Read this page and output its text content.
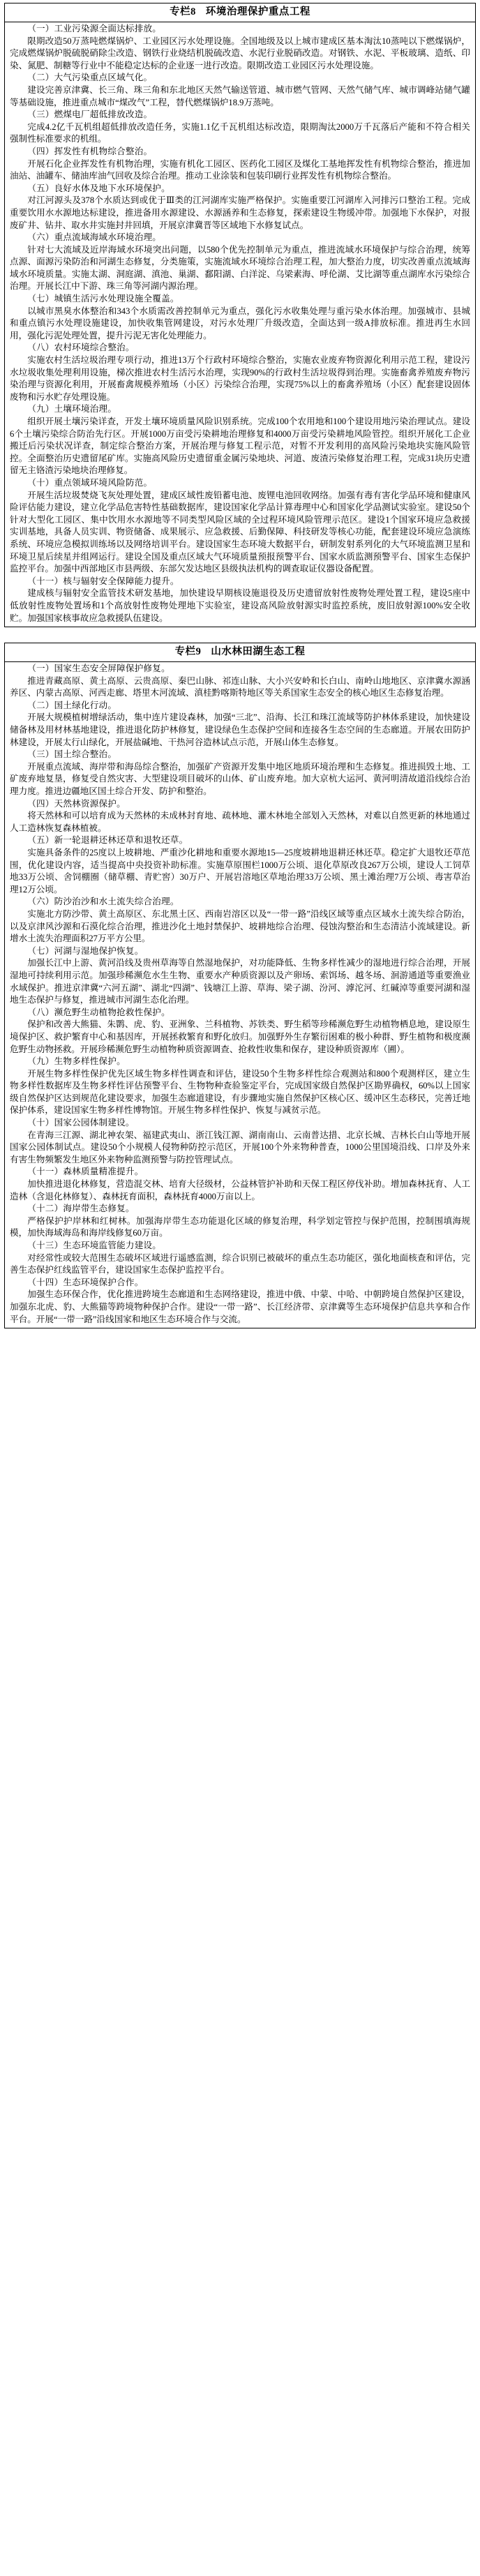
专栏8 环境治理保护重点工程

（一）工业污染源全面达标排放。

限期改造50万蒸吨燃煤锅炉、工业园区污水处理设施。全国地级及以上城市建成区基本淘汰10蒸吨以下燃煤锅炉，完成燃煤锅炉脱硫脱硝除尘改造、钢铁行业烧结机脱硫改造、水泥行业脱硝改造。对钢铁、水泥、平板玻璃、造纸、印染、氮肥、制糖等行业中不能稳定达标的企业逐一进行改造。限期改造工业园区污水处理设施。

（二）大气污染重点区域气化。

建设完善京津冀、长三角、珠三角和东北地区天然气输送管道、城市燃气管网、天然气储气库、城市调峰站储气罐等基础设施，推进重点城市“煤改气”工程，替代燃煤锅炉18.9万蒸吨。

（三）燃煤电厂超低排放改造。

完成4.2亿千瓦机组超低排放改造任务，实施1.1亿千瓦机组达标改造，限期淘汰2000万千瓦落后产能和不符合相关强制性标准要求的机组。

（四）挥发性有机物综合整治。

开展石化企业挥发性有机物治理，实施有机化工园区、医药化工园区及煤化工基地挥发性有机物综合整治，推进加油站、油罐车、储油库油气回收及综合治理。推动工业涂装和包装印刷行业挥发性有机物综合整治。

（五）良好水体及地下水环境保护。

对江河源头及378个水质达到或优于Ⅲ类的江河湖库实施严格保护。实施重要江河湖库入河排污口整治工程。完成重要饮用水水源地达标建设，推进备用水源建设、水源涵养和生态修复，探索建设生物缓冲带。加强地下水保护，对报废矿井、钻井、取水井实施封井回填，开展京津冀晋等区域地下水修复试点。

（六）重点流域海域水环境治理。

针对七大流域及近岸海域水环境突出问题，以580个优先控制单元为重点，推进流域水环境保护与综合治理，统筹点源、面源污染防治和河湖生态修复，分类施策，实施流域水环境综合治理工程，加大整治力度，切实改善重点流域海域水环境质量。实施太湖、洞庭湖、滇池、巢湖、鄱阳湖、白洋淀、乌梁素海、呼伦湖、艾比湖等重点湖库水污染综合治理。开展长江中下游、珠三角等河湖内源治理。

（七）城镇生活污水处理设施全覆盖。

以城市黑臭水体整治和343个水质需改善控制单元为重点，强化污水收集处理与重污染水体治理。加强城市、县城和重点镇污水处理设施建设，加快收集管网建设，对污水处理厂升级改造，全面达到一级A排放标准。推进再生水回用，强化污泥处理处置，提升污泥无害化处理能力。

（八）农村环境综合整治。

实施农村生活垃圾治理专项行动，推进13万个行政村环境综合整治，实施农业废弃物资源化利用示范工程，建设污水垃圾收集处理利用设施，梯次推进农村生活污水治理，实现90%的行政村生活垃圾得到治理。实施畜禽养殖废弃物污染治理与资源化利用，开展畜禽规模养殖场（小区）污染综合治理，实现75%以上的畜禽养殖场（小区）配套建设固体废物和污水贮存处理设施。

（九）土壤环境治理。

组织开展土壤污染详查，开发土壤环境质量风险识别系统。完成100个农用地和100个建设用地污染治理试点。建设6个土壤污染综合防治先行区。开展1000万亩受污染耕地治理修复和4000万亩受污染耕地风险管控。组织开展化工企业搬迁后污染状况详查，制定综合整治方案，开展治理与修复工程示范，对暂不开发利用的高风险污染地块实施风险管控。全面整治历史遗留尾矿库。实施高风险历史遗留重金属污染地块、河道、废渣污染修复治理工程，完成31块历史遗留无主铬渣污染地块治理修复。

（十）重点领域环境风险防范。

开展生活垃圾焚烧飞灰处理处置，建成区域性废铅蓄电池、废锂电池回收网络。加强有毒有害化学品环境和健康风险评估能力建设，建立化学品危害特性基础数据库，建设国家化学品计算毒理中心和国家化学品测试实验室。建设50个针对大型化工园区、集中饮用水水源地等不同类型风险区域的全过程环境风险管理示范区。建设1个国家环境应急救援实训基地，具备人员实训、物资储备、成果展示、应急救援、后勤保障、科技研发等核心功能，配套建设环境应急演练系统、环境应急模拟训练场以及网络培训平台。建设国家生态环境大数据平台，研制发射系列化的大气环境监测卫星和环境卫星后续星并组网运行。建设全国及重点区域大气环境质量预报预警平台、国家水质监测预警平台、国家生态保护监控平台。加强中西部地区市县两级、东部欠发达地区县级执法机构的调查取证仪器设备配置。

（十一）核与辐射安全保障能力提升。

建成核与辐射安全监管技术研发基地，加快建设早期核设施退役及历史遗留放射性废物处理处置工程，建设5座中低放射性废物处置场和1个高放射性废物处理地下实验室，建设高风险放射源实时监控系统，废旧放射源100%安全收贮。加强国家核事故应急救援队伍建设。

专栏9 山水林田湖生态工程

（一）国家生态安全屏障保护修复。

推进青藏高原、黄土高原、云贵高原、秦巴山脉、祁连山脉、大小兴安岭和长白山、南岭山地地区、京津冀水源涵养区、内蒙古高原、河西走廊、塔里木河流域、滇桂黔喀斯特地区等关系国家生态安全的核心地区生态修复治理。

（二）国土绿化行动。

开展大规模植树增绿活动，集中连片建设森林，加强“三北”、沿海、长江和珠江流域等防护林体系建设，加快建设储备林及用材林基地建设，推进退化防护林修复，建设绿色生态保护空间和连接各生态空间的生态廊道。开展农田防护林建设，开展太行山绿化，开展盐碱地、干热河谷造林试点示范，开展山体生态修复。

（三）国土综合整治。

开展重点流域、海岸带和海岛综合整治，加强矿产资源开发集中地区地质环境治理和生态修复。推进损毁土地、工矿废弃地复垦，修复受自然灾害、大型建设项目破坏的山体、矿山废弃地。加大京杭大运河、黄河明清故道沿线综合治理力度。推进边疆地区国土综合开发、防护和整治。

（四）天然林资源保护。

将天然林和可以培育成为天然林的未成林封育地、疏林地、灌木林地全部划入天然林，对难以自然更新的林地通过人工造林恢复森林植被。

（五）新一轮退耕还林还草和退牧还草。

实施具备条件的25度以上坡耕地、严重沙化耕地和重要水源地15—25度坡耕地退耕还林还草。稳定扩大退牧还草范围，优化建设内容，适当提高中央投资补助标准。实施草原围栏1000万公顷、退化草原改良267万公顷，建设人工饲草地33万公顷、舍饲棚圈（储草棚、青贮窖）30万户、开展岩溶地区草地治理33万公顷、黑土滩治理7万公顷、毒害草治理12万公顷。

（六）防沙治沙和水土流失综合治理。

实施北方防沙带、黄土高原区、东北黑土区、西南岩溶区以及“一带一路”沿线区域等重点区域水土流失综合防治，以及京津风沙源和石漠化综合治理，推进沙化土地封禁保护、坡耕地综合治理、侵蚀沟整治和生态清洁小流域建设。新增水土流失治理面积27万平方公里。

（七）河湖与湿地保护恢复。

加强长江中上游、黄河沿线及贵州草海等自然湿地保护，对功能降低、生物多样性减少的湿地进行综合治理，开展湿地可持续利用示范。加强珍稀濒危水生生物、重要水产种质资源以及产卵场、索饵场、越冬场、洄游通道等重要渔业水域保护。推进京津冀“六河五湖”、湖北“四湖”、钱塘江上游、草海、梁子湖、汾河、滹沱河、红碱淖等重要河湖和湿地生态保护与修复，推进城市河湖生态化治理。

（八）濒危野生动植物抢救性保护。

保护和改善大熊猫、朱鹮、虎、豹、亚洲象、兰科植物、苏铁类、野生稻等珍稀濒危野生动植物栖息地，建设原生境保护区、救护繁育中心和基因库，开展拯救繁育和野化放归。加强野外生存繁衍困难的极小种群、野生植物和极度濒危野生动物拯救。开展珍稀濒危野生动植物种质资源调查、抢救性收集和保存，建设种质资源库（圃）。

（九）生物多样性保护。

开展生物多样性保护优先区域生物多样性调查和评估，建设50个生物多样性综合观测站和800个观测样区，建立生物多样性数据库及生物多样性评估预警平台、生物物种查验鉴定平台，完成国家级自然保护区勘界确权，60%以上国家级自然保护区达到规范化建设要求，加强生态廊道建设，有步骤地实施自然保护区核心区、缓冲区生态移民，完善迁地保护体系，建设国家生物多样性博物馆。开展生物多样性保护、恢复与减贫示范。

（十）国家公园体制建设。

在青海三江源、湖北神农架、福建武夷山、浙江钱江源、湖南南山、云南普达措、北京长城、吉林长白山等地开展国家公园体制试点。建设50个小规模人侵物种防控示范区，开展100个外来物种普查，1000公里国境沿线、口岸及外来有害生物频繁发生地区外来物种监测预警与防控管理试点。

（十一）森林质量精准提升。

加快推进退化林修复，营造混交林、培育大径级材，公益林管护补助和天保工程区停伐补助。增加森林抚育、人工造林（含退化林修复）、森林抚育面积，森林抚育4000万亩以上。

（十二）海岸带生态修复。

严格保护护岸林和红树林。加强海岸带生态功能退化区域的修复治理，科学划定管控与保护范围，控制围填海规模，加快海域海岛和海岸线修复60万亩。

（十三）生态环境监管能力建设。

对经常性或较大范围生态破坏区域进行遥感监测，综合识别已被破坏的重点生态功能区，强化地面核查和评估，完善生态保护红线监管平台，建设国家生态保护监控平台。

（十四）生态环境保护合作。

加强生态环保合作，优化推进跨境生态廊道和生态网络建设，推进中俄、中蒙、中哈、中朝跨境自然保护区建设，加强东北虎、豹、大熊猫等跨境物种保护合作。建设“一带一路”、长江经济带、京津冀等生态环境保护信息共享和合作平台。开展“一带一路”沿线国家和地区生态环境合作与交流。
